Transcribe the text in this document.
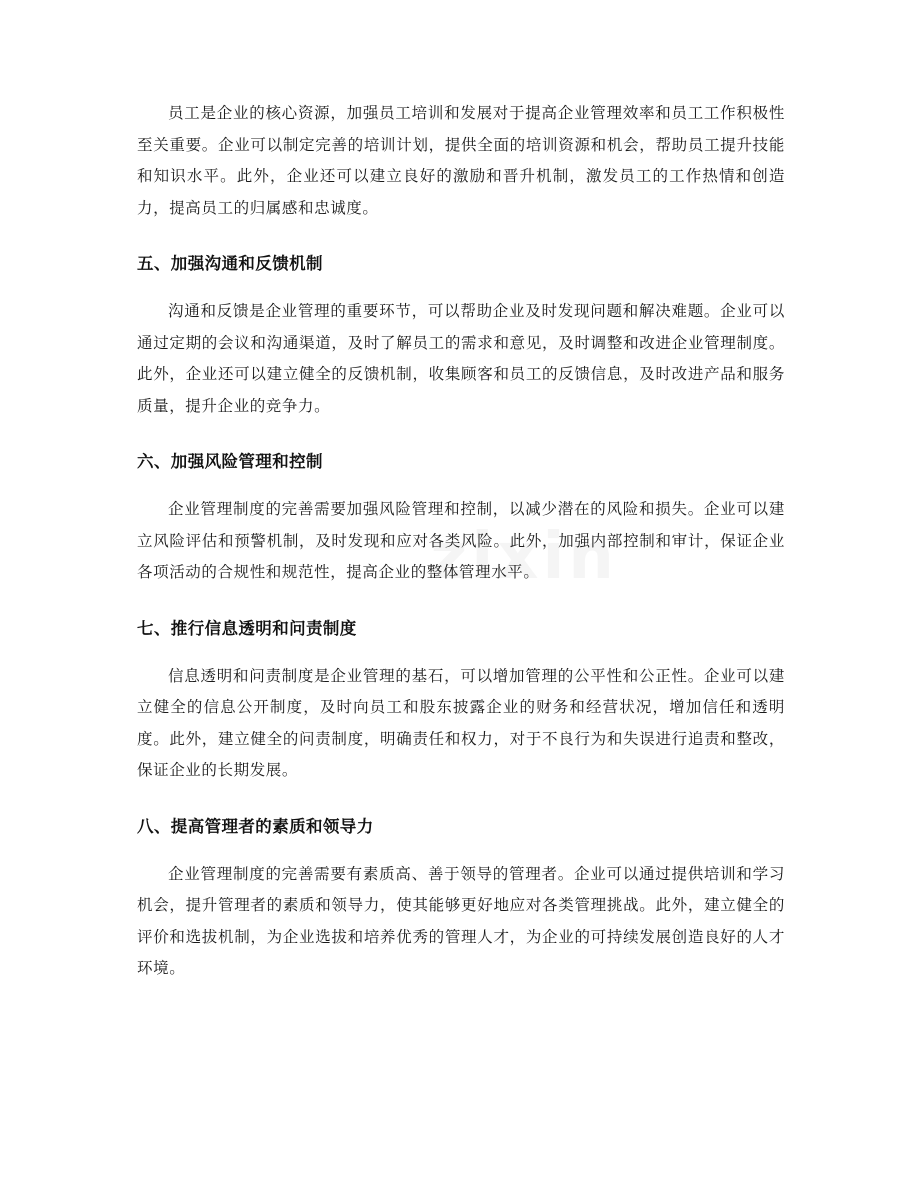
zixin

员工是企业的核心资源，加强员工培训和发展对于提高企业管理效率和员工工作积极性至关重要。企业可以制定完善的培训计划，提供全面的培训资源和机会，帮助员工提升技能和知识水平。此外，企业还可以建立良好的激励和晋升机制，激发员工的工作热情和创造力，提高员工的归属感和忠诚度。

五、加强沟通和反馈机制

沟通和反馈是企业管理的重要环节，可以帮助企业及时发现问题和解决难题。企业可以通过定期的会议和沟通渠道，及时了解员工的需求和意见，及时调整和改进企业管理制度。此外，企业还可以建立健全的反馈机制，收集顾客和员工的反馈信息，及时改进产品和服务质量，提升企业的竞争力。

六、加强风险管理和控制

企业管理制度的完善需要加强风险管理和控制，以减少潜在的风险和损失。企业可以建立风险评估和预警机制，及时发现和应对各类风险。此外，加强内部控制和审计，保证企业各项活动的合规性和规范性，提高企业的整体管理水平。

七、推行信息透明和问责制度

信息透明和问责制度是企业管理的基石，可以增加管理的公平性和公正性。企业可以建立健全的信息公开制度，及时向员工和股东披露企业的财务和经营状况，增加信任和透明度。此外，建立健全的问责制度，明确责任和权力，对于不良行为和失误进行追责和整改，保证企业的长期发展。

八、提高管理者的素质和领导力

企业管理制度的完善需要有素质高、善于领导的管理者。企业可以通过提供培训和学习机会，提升管理者的素质和领导力，使其能够更好地应对各类管理挑战。此外，建立健全的评价和选拔机制，为企业选拔和培养优秀的管理人才，为企业的可持续发展创造良好的人才环境。
